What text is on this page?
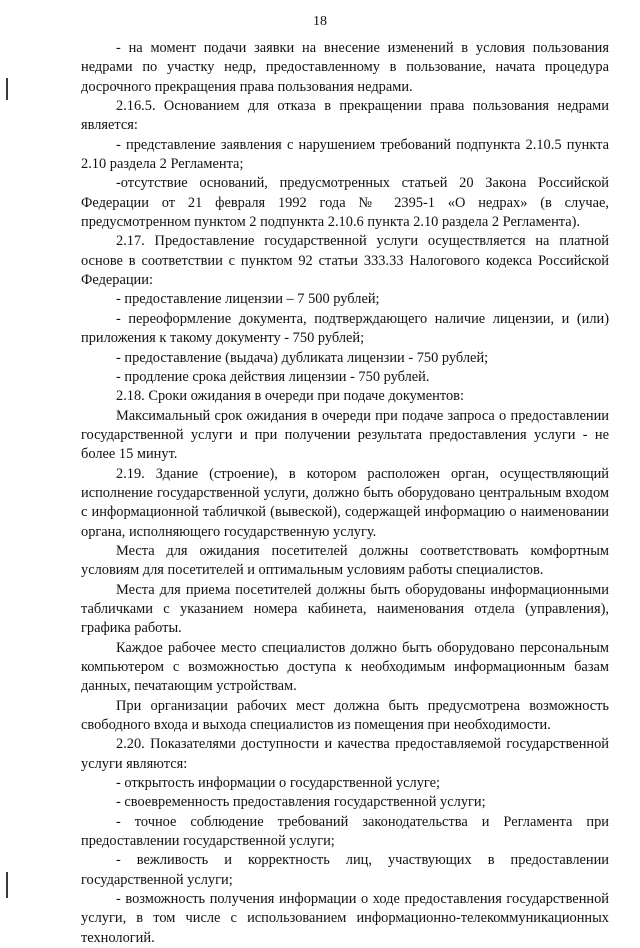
18

- на момент подачи заявки на внесение изменений в условия пользования недрами по участку недр, предоставленному в пользование, начата процедура досрочного прекращения права пользования недрами.

2.16.5. Основанием для отказа в прекращении права пользования недрами является:

- представление заявления с нарушением требований подпункта 2.10.5 пункта 2.10 раздела 2 Регламента;

-отсутствие оснований, предусмотренных статьей 20 Закона Российской Федерации от 21 февраля 1992 года № 2395-1 «О недрах» (в случае, предусмотренном пунктом 2 подпункта 2.10.6 пункта 2.10 раздела 2 Регламента).

2.17. Предоставление государственной услуги осуществляется на платной основе в соответствии с пунктом 92 статьи 333.33 Налогового кодекса Российской Федерации:

- предоставление лицензии – 7 500 рублей;

- переоформление документа, подтверждающего наличие лицензии, и (или) приложения к такому документу - 750 рублей;

- предоставление (выдача) дубликата лицензии - 750 рублей;

- продление срока действия лицензии - 750 рублей.

2.18. Сроки ожидания в очереди при подаче документов:

Максимальный срок ожидания в очереди при подаче запроса о предоставлении государственной услуги и при получении результата предоставления услуги - не более 15 минут.

2.19. Здание (строение), в котором расположен орган, осуществляющий исполнение государственной услуги, должно быть оборудовано центральным входом с информационной табличкой (вывеской), содержащей информацию о наименовании органа, исполняющего государственную услугу.

Места для ожидания посетителей должны соответствовать комфортным условиям для посетителей и оптимальным условиям работы специалистов.

Места для приема посетителей должны быть оборудованы информационными табличками с указанием номера кабинета, наименования отдела (управления), графика работы.

Каждое рабочее место специалистов должно быть оборудовано персональным компьютером с возможностью доступа к необходимым информационным базам данных, печатающим устройствам.

При организации рабочих мест должна быть предусмотрена возможность свободного входа и выхода специалистов из помещения при необходимости.

2.20. Показателями доступности и качества предоставляемой государственной услуги являются:

- открытость информации о государственной услуге;

- своевременность предоставления государственной услуги;

- точное соблюдение требований законодательства и Регламента при предоставлении государственной услуги;

- вежливость и корректность лиц, участвующих в предоставлении государственной услуги;

- возможность получения информации о ходе предоставления государственной услуги, в том числе с использованием информационно-телекоммуникационных технологий.
